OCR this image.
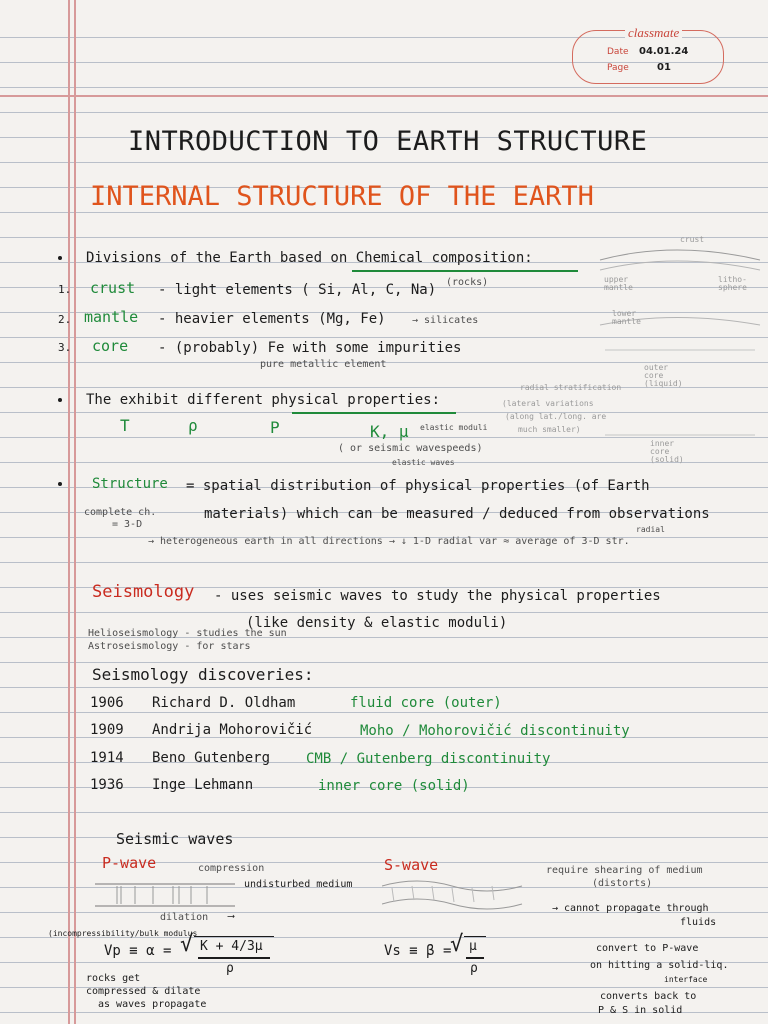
classmate
Date 04.01.24
Page	01
INTRODUCTION TO EARTH STRUCTURE
INTERNAL STRUCTURE OF THE EARTH
Divisions of the Earth based on Chemical composition:
(rocks)
1. crust - light elements ( Si, Al, C, Na)
2. mantle - heavier elements (Mg, Fe)	→ silicates
3. core - (probably) Fe with some impurities
pure metallic element
crust
upper mantle
litho- sphere
lower mantle
outer core (liquid)
inner core (solid)
radial stratification
(lateral variations
(along lat./long. are
much smaller)
The exhibit different physical properties:
T	ρ	P	K, μ elastic moduli
( or seismic wavespeeds)
elastic waves
Structure = spatial distribution of physical properties (of Earth
materials) which can be measured / deduced from observations
complete ch.
= 3-D
→ heterogeneous earth in all directions → ↓ 1-D radial var ≈ average of 3-D str.
radial
Seismology - uses seismic waves to study the physical properties
(like density & elastic moduli)
Helioseismology - studies the sun
Astroseismology - for stars
Seismology discoveries:
1906 Richard D. Oldham	fluid core (outer)
1909 Andrija Mohorovičić	Moho / Mohorovičić discontinuity
1914 Beno Gutenberg	CMB / Gutenberg discontinuity
1936 Inge Lehmann	inner core (solid)
Seismic waves
P-wave	compression
undisturbed medium
dilation ⟶
(incompressibility/bulk modulus
Vp ≡ α = √ K + 4/3μ
ρ
rocks get
compressed & dilate
as waves propagate
S-wave	require shearing of medium
(distorts)
→ cannot propagate through
fluids
Vs ≡ β =
√ μ
ρ
convert to P-wave
on hitting a solid-liq.
interface
converts back to
P & S in solid
